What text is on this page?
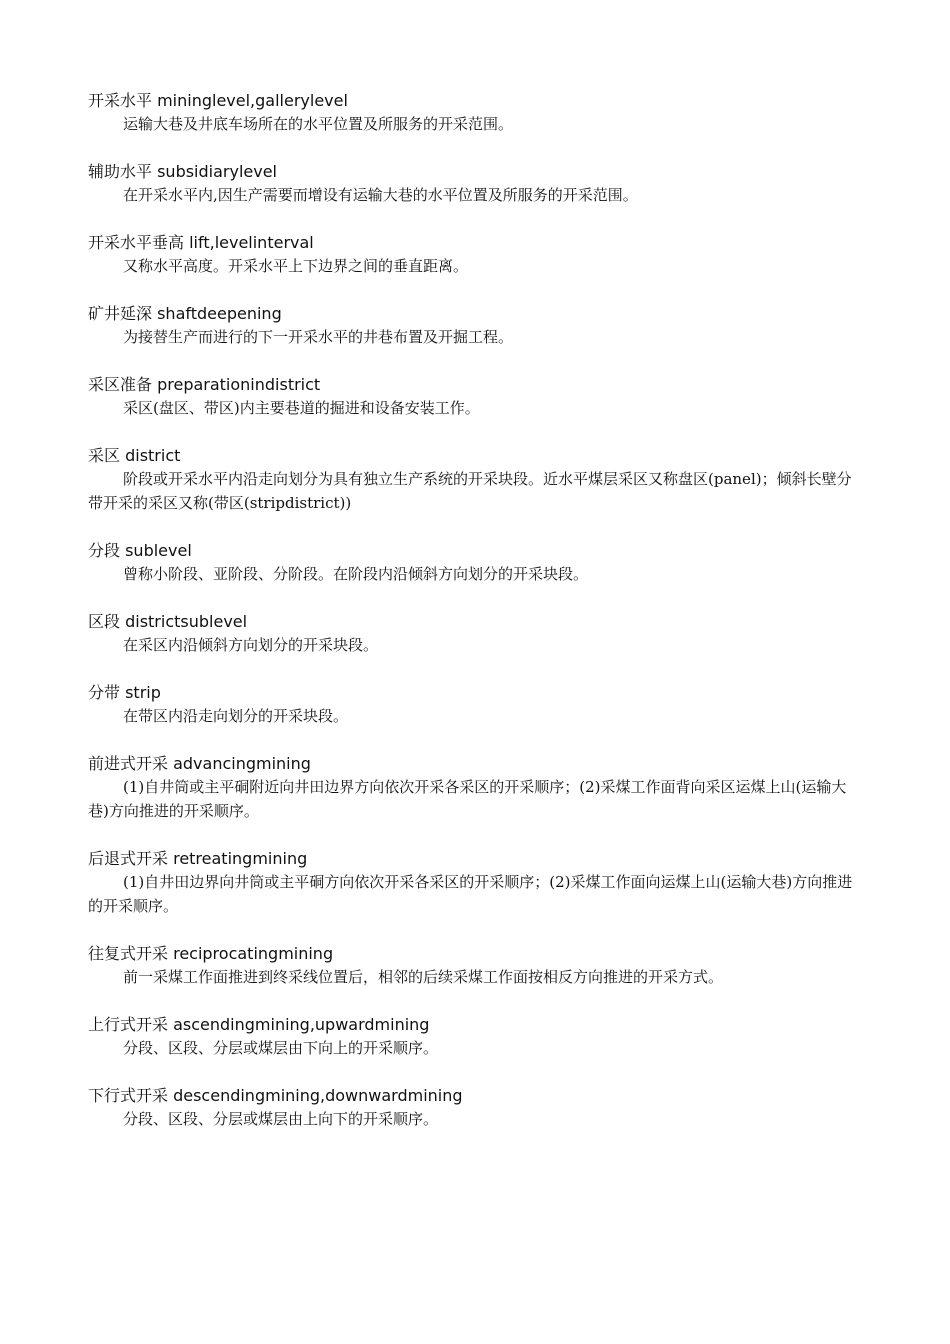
开采水平 mininglevel,gallerylevel

运输大巷及井底车场所在的水平位置及所服务的开采范围。

辅助水平 subsidiarylevel

在开采水平内,因生产需要而增设有运输大巷的水平位置及所服务的开采范围。

开采水平垂高 lift,levelinterval

又称水平高度。开采水平上下边界之间的垂直距离。

矿井延深 shaftdeepening

为接替生产而进行的下一开采水平的井巷布置及开掘工程。

采区准备 preparationindistrict

采区(盘区、带区)内主要巷道的掘进和设备安装工作。

采区 district

阶段或开采水平内沿走向划分为具有独立生产系统的开采块段。近水平煤层采区又称盘区(panel)；倾斜长壁分带开采的采区又称(带区(stripdistrict))

分段 sublevel

曾称小阶段、亚阶段、分阶段。在阶段内沿倾斜方向划分的开采块段。

区段 districtsublevel

在采区内沿倾斜方向划分的开采块段。

分带 strip

在带区内沿走向划分的开采块段。

前进式开采 advancingmining

(1)自井筒或主平硐附近向井田边界方向依次开采各采区的开采顺序；(2)采煤工作面背向采区运煤上山(运输大巷)方向推进的开采顺序。

后退式开采 retreatingmining

(1)自井田边界向井筒或主平硐方向依次开采各采区的开采顺序；(2)采煤工作面向运煤上山(运输大巷)方向推进的开采顺序。

往复式开采 reciprocatingmining

前一采煤工作面推进到终采线位置后，相邻的后续采煤工作面按相反方向推进的开采方式。

上行式开采 ascendingmining,upwardmining

分段、区段、分层或煤层由下向上的开采顺序。

下行式开采 descendingmining,downwardmining

分段、区段、分层或煤层由上向下的开采顺序。
